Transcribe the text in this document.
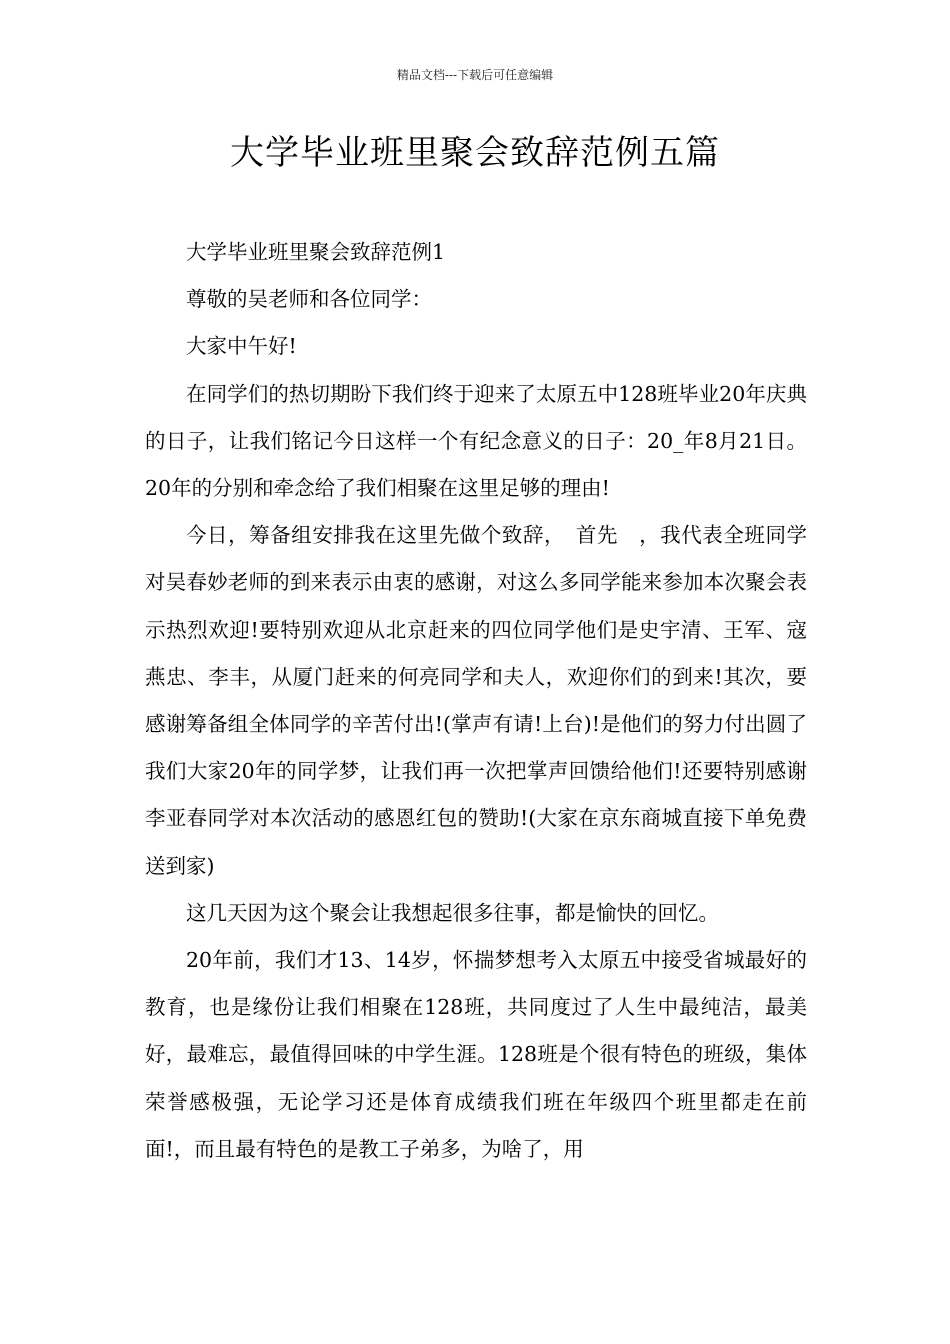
精品文档---下载后可任意编辑
大学毕业班里聚会致辞范例五篇

大学毕业班里聚会致辞范例1

尊敬的吴老师和各位同学：

大家中午好!

在同学们的热切期盼下我们终于迎来了太原五中128班毕业20年庆典的日子，让我们铭记今日这样一个有纪念意义的日子：20_年8月21日。20年的分别和牵念给了我们相聚在这里足够的理由!

今日，筹备组安排我在这里先做个致辞，　首先　，我代表全班同学对吴春妙老师的到来表示由衷的感谢，对这么多同学能来参加本次聚会表示热烈欢迎!要特别欢迎从北京赶来的四位同学他们是史宇清、王军、寇燕忠、李丰，从厦门赶来的何亮同学和夫人，欢迎你们的到来!其次，要感谢筹备组全体同学的辛苦付出!(掌声有请!上台)!是他们的努力付出圆了我们大家20年的同学梦，让我们再一次把掌声回馈给他们!还要特别感谢李亚春同学对本次活动的感恩红包的赞助!(大家在京东商城直接下单免费送到家)

这几天因为这个聚会让我想起很多往事，都是愉快的回忆。

20年前，我们才13、14岁，怀揣梦想考入太原五中接受省城最好的教育，也是缘份让我们相聚在128班，共同度过了人生中最纯洁，最美好，最难忘，最值得回味的中学生涯。128班是个很有特色的班级，集体荣誉感极强，无论学习还是体育成绩我们班在年级四个班里都走在前面!，而且最有特色的是教工子弟多，为啥了，用
